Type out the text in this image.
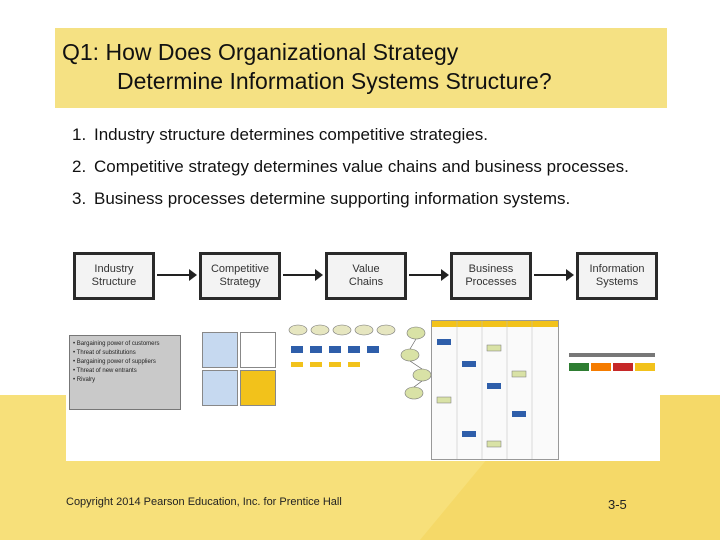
Q1: How Does Organizational Strategy
Determine Information Systems Structure?
1. Industry structure determines competitive strategies.
2. Competitive strategy determines value chains and business processes.
3. Business processes determine supporting information systems.
Industry
Structure
Competitive
Strategy
Value
Chains
Business
Processes
Information
Systems
• Bargaining power of customers
• Threat of substitutions
• Bargaining power of suppliers
• Threat of new entrants
• Rivalry
Copyright 2014 Pearson Education, Inc. for Prentice Hall	3-5
